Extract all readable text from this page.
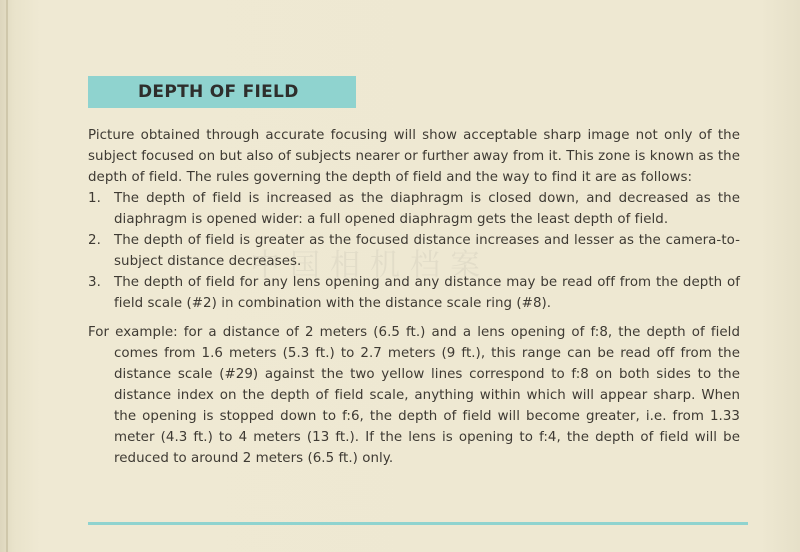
DEPTH OF FIELD
中国相机档案

Picture obtained through accurate focusing will show acceptable sharp image not only of the subject focused on but also of subjects nearer or further away from it. This zone is known as the depth of field. The rules governing the depth of field and the way to find it are as follows:

1. The depth of field is increased as the diaphragm is closed down, and decreased as the diaphragm is opened wider: a full opened diaphragm gets the least depth of field.
2. The depth of field is greater as the focused distance increases and lesser as the camera-to-subject distance decreases.
3. The depth of field for any lens opening and any distance may be read off from the depth of field scale (#2) in combination with the distance scale ring (#8).

For example: for a distance of 2 meters (6.5 ft.) and a lens opening of f:8, the depth of field comes from 1.6 meters (5.3 ft.) to 2.7 meters (9 ft.), this range can be read off from the distance scale (#29) against the two yellow lines correspond to f:8 on both sides to the distance index on the depth of field scale, anything within which will appear sharp. When the opening is stopped down to f:6, the depth of field will become greater, i.e. from 1.33 meter (4.3 ft.) to 4 meters (13 ft.). If the lens is opening to f:4, the depth of field will be reduced to around 2 meters (6.5 ft.) only.
